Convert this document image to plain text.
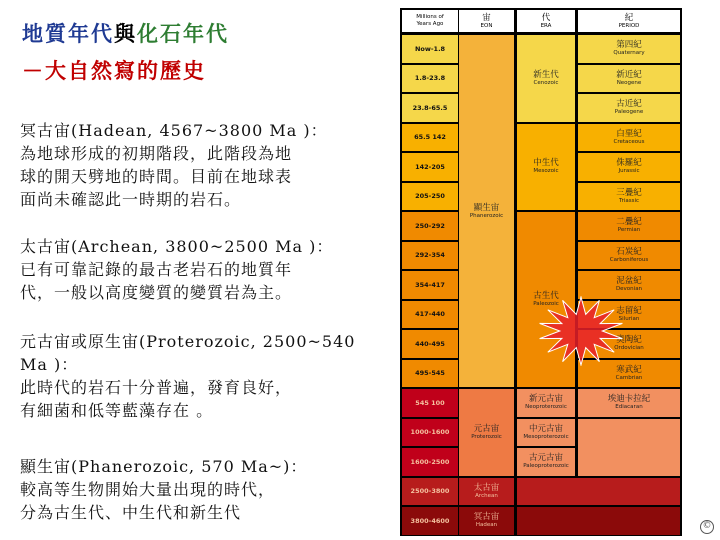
地質年代與化石年代
－大自然寫的歷史
冥古宙(Hadean, 4567~3800 Ma )：
為地球形成的初期階段，此階段為地
球的開天劈地的時間。目前在地球表
面尚未確認此一時期的岩石。
太古宙(Archean, 3800~2500 Ma )：
已有可靠記錄的最古老岩石的地質年
代，一般以高度變質的變質岩為主。
元古宙或原生宙(Proterozoic, 2500~540
Ma )：
此時代的岩石十分普遍，發育良好，
有細菌和低等藍藻存在 。
顯生宙(Phanerozoic, 570 Ma~)：
較高等生物開始大量出現的時代，
分為古生代、中生代和新生代
Millions of
Years Ago
宙
EON
代
ERA
紀
PERIOD
Now-1.8
1.8-23.8
23.8-65.5
65.5 142
142-205
205-250
250-292
292-354
354-417
417-440
440-495
495-545
545 100
1000-1600
1600-2500
2500-3800
3800-4600
顯生宙
Phanerozoic
元古宙
Proterozoic
太古宙
Archean
冥古宙
Hadean
新生代
Cenozoic
中生代
Mesozoic
古生代
Paleozoic
新元古宙
Neoproterozoic
中元古宙
Mesoproterozoic
古元古宙
Paleoproterozoic
第四紀
Quaternary
新近紀
Neogene
古近紀
Paleogene
白堊紀
Cretaceous
侏羅紀
Jurassic
三疊紀
Triassic
二疊紀
Permian
石炭紀
Carboniferous
泥盆紀
Devonian
志留紀
Silurian
奧陶紀
Ordovician
寒武紀
Cambrian
埃迪卡拉紀
Ediacaran
©
